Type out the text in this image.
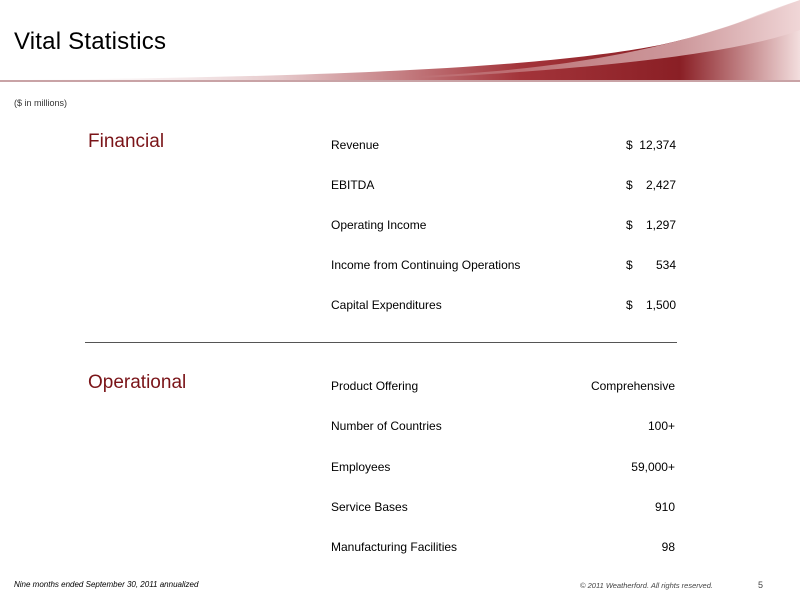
Vital Statistics
($ in millions)
Financial	Revenue	$ 12,374
EBITDA	$ 2,427
Operating Income	$ 1,297
Income from Continuing Operations	$ 534
Capital Expenditures	$ 1,500
Operational	Product Offering	Comprehensive
Number of Countries	100+
Employees	59,000+
Service Bases	910
Manufacturing Facilities	98
Nine months ended September 30, 2011 annualized	© 2011 Weatherford. All rights reserved.	5
